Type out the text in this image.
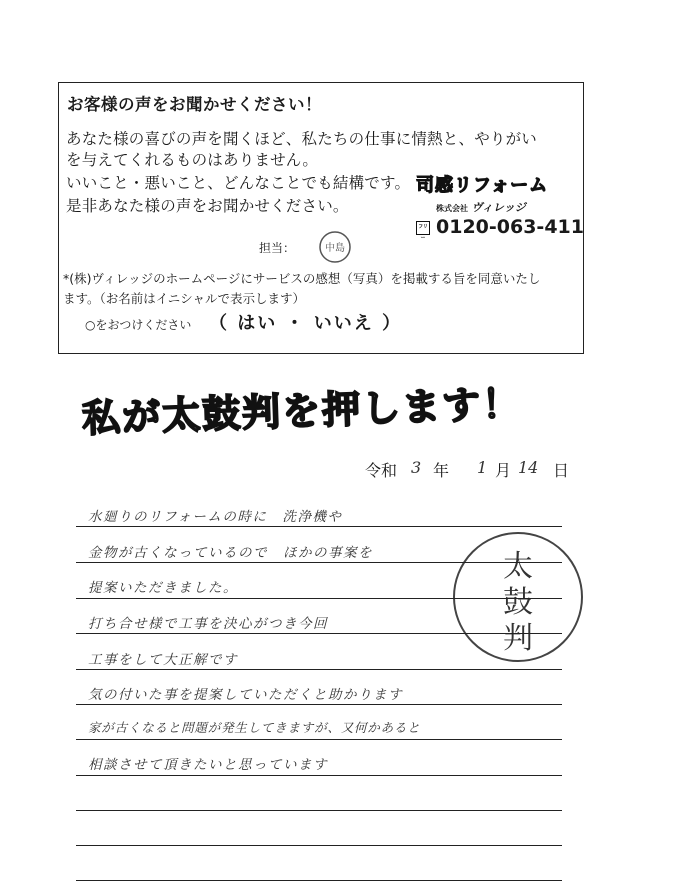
お客様の声をお聞かせください！
あなた様の喜びの声を聞くほど、私たちの仕事に情熱と、やりがい
を与えてくれるものはありません。
いいこと・悪いこと、どんなことでも結構です。
是非あなた様の声をお聞かせください。
担当：	中島
*(株)ヴィレッジのホームページにサービスの感想（写真）を掲載する旨を同意いたし
ます。（お名前はイニシャルで表示します）
○をおつけください （ はい ・ いいえ ）
司感リフォーム
株式会社 ヴィレッジ
フリー 0120-063-411
私が太鼓判を押します！
令和 3 年 1 月 14 日
太
鼓
判
水廻りのリフォームの時に　洗浄機や
金物が古くなっているので　ほかの事案を
提案いただきました。
打ち合せ様で工事を決心がつき今回
工事をして大正解です
気の付いた事を提案していただくと助かります
家が古くなると問題が発生してきますが、又何かあると
相談させて頂きたいと思っています
